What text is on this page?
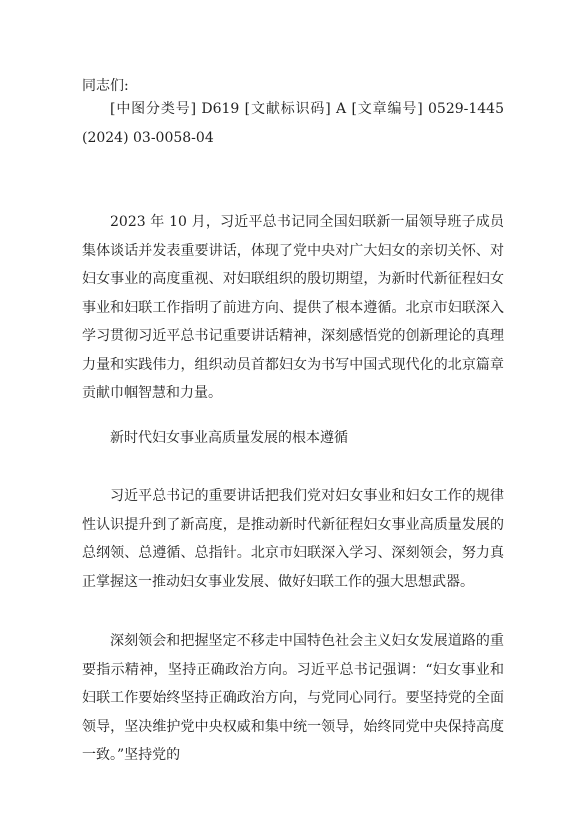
同志们:

[中图分类号] D619 [文献标识码] A [文章编号] 0529-1445 (2024) 03-0058-04

2023 年 10 月，习近平总书记同全国妇联新一届领导班子成员集体谈话并发表重要讲话，体现了党中央对广大妇女的亲切关怀、对妇女事业的高度重视、对妇联组织的殷切期望，为新时代新征程妇女事业和妇联工作指明了前进方向、提供了根本遵循。北京市妇联深入学习贯彻习近平总书记重要讲话精神，深刻感悟党的创新理论的真理力量和实践伟力，组织动员首都妇女为书写中国式现代化的北京篇章贡献巾帼智慧和力量。

新时代妇女事业高质量发展的根本遵循

习近平总书记的重要讲话把我们党对妇女事业和妇女工作的规律性认识提升到了新高度，是推动新时代新征程妇女事业高质量发展的总纲领、总遵循、总指针。北京市妇联深入学习、深刻领会，努力真正掌握这一推动妇女事业发展、做好妇联工作的强大思想武器。

深刻领会和把握坚定不移走中国特色社会主义妇女发展道路的重要指示精神，坚持正确政治方向。习近平总书记强调：“妇女事业和妇联工作要始终坚持正确政治方向，与党同心同行。要坚持党的全面领导，坚决维护党中央权威和集中统一领导，始终同党中央保持高度一致。”坚持党的
